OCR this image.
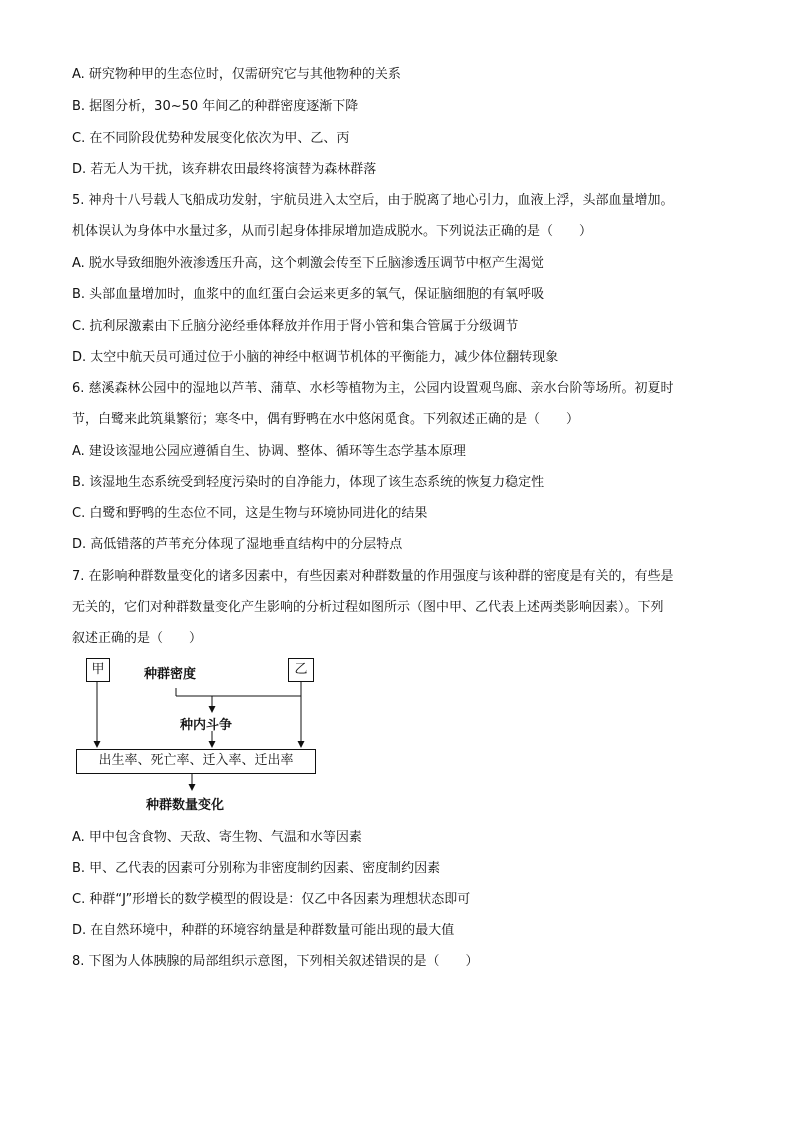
A. 研究物种甲的生态位时，仅需研究它与其他物种的关系
B. 据图分析，30~50 年间乙的种群密度逐渐下降
C. 在不同阶段优势种发展变化依次为甲、乙、丙
D. 若无人为干扰，该弃耕农田最终将演替为森林群落
5. 神舟十八号载人飞船成功发射，宇航员进入太空后，由于脱离了地心引力，血液上浮，头部血量增加。
机体误认为身体中水量过多，从而引起身体排尿增加造成脱水。下列说法正确的是（　　）
A. 脱水导致细胞外液渗透压升高，这个刺激会传至下丘脑渗透压调节中枢产生渴觉
B. 头部血量增加时，血浆中的血红蛋白会运来更多的氧气，保证脑细胞的有氧呼吸
C. 抗利尿激素由下丘脑分泌经垂体释放并作用于肾小管和集合管属于分级调节
D. 太空中航天员可通过位于小脑的神经中枢调节机体的平衡能力，减少体位翻转现象
6. 慈溪森林公园中的湿地以芦苇、蒲草、水杉等植物为主，公园内设置观鸟廊、亲水台阶等场所。初夏时
节，白鹭来此筑巢繁衍；寒冬中，偶有野鸭在水中悠闲觅食。下列叙述正确的是（　　）
A. 建设该湿地公园应遵循自生、协调、整体、循环等生态学基本原理
B. 该湿地生态系统受到轻度污染时的自净能力，体现了该生态系统的恢复力稳定性
C. 白鹭和野鸭的生态位不同，这是生物与环境协同进化的结果
D. 高低错落的芦苇充分体现了湿地垂直结构中的分层特点
7. 在影响种群数量变化的诸多因素中，有些因素对种群数量的作用强度与该种群的密度是有关的，有些是
无关的，它们对种群数量变化产生影响的分析过程如图所示（图中甲、乙代表上述两类影响因素）。下列
叙述正确的是（　　）
甲	种群密度	乙
种内斗争
出生率、死亡率、迁入率、迁出率
种群数量变化
A. 甲中包含食物、天敌、寄生物、气温和水等因素
B. 甲、乙代表的因素可分别称为非密度制约因素、密度制约因素
C. 种群“J”形增长的数学模型的假设是：仅乙中各因素为理想状态即可
D. 在自然环境中，种群的环境容纳量是种群数量可能出现的最大值
8. 下图为人体胰腺的局部组织示意图，下列相关叙述错误的是（　　）
